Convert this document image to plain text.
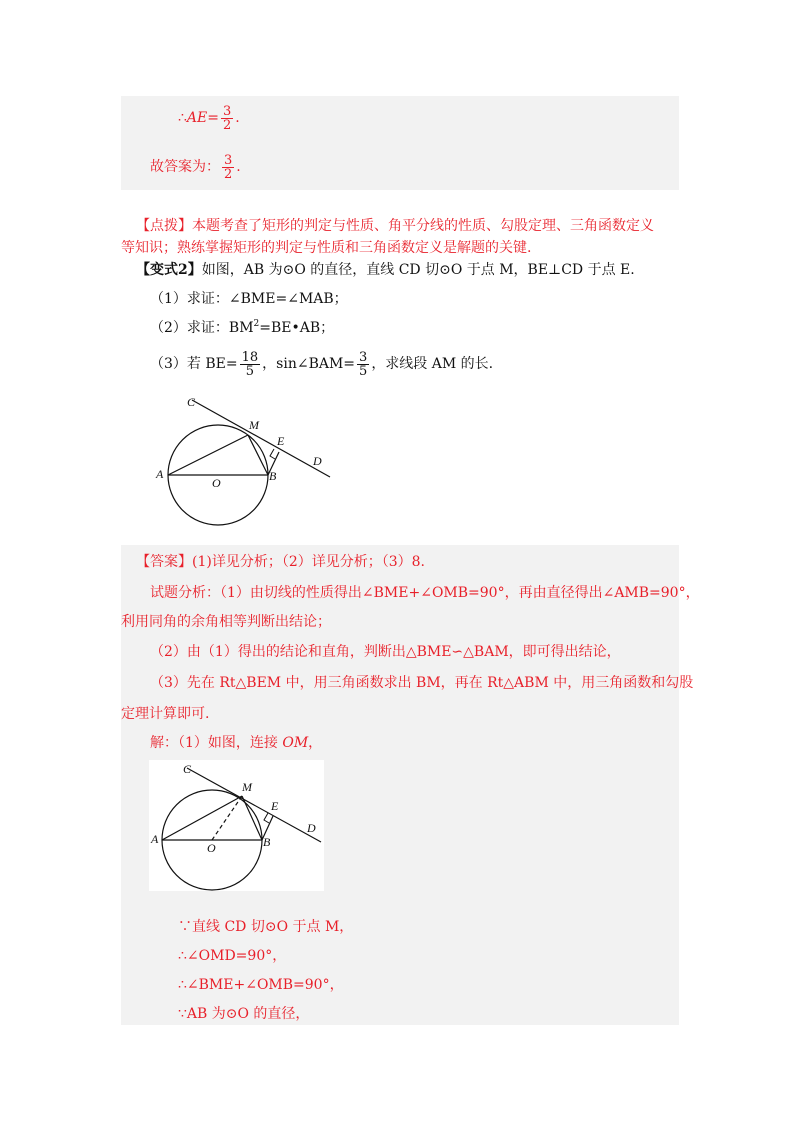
∴AE= $\frac{3}{2}$ .
故答案为： $\frac{3}{2}$ .
【点拨】本题考查了矩形的判定与性质、角平分线的性质、勾股定理、三角函数定义
等知识；熟练掌握矩形的判定与性质和三角函数定义是解题的关键.
【变式2】如图，AB 为⊙O 的直径，直线 CD 切⊙O 于点 M，BE⊥CD 于点 E.
（1）求证：∠BME=∠MAB；
（2）求证：$BM^2=BE•AB$；
（3）若 $BE= \frac{18}{5}$ ，sin∠BAM= $\frac{3}{5}$ ，求线段 AM 的长.
C
M
E
D
A
O	B
【答案】(1)详见分析；（2）详见分析；（3）8.
试题分析：（1）由切线的性质得出∠BME+∠OMB=90°，再由直径得出∠AMB=90°，
利用同角的余角相等判断出结论；
（2）由（1）得出的结论和直角，判断出△BME∽△BAM，即可得出结论，
（3）先在 Rt△BEM 中，用三角函数求出 BM，再在 Rt△ABM 中，用三角函数和勾股
定理计算即可.
解：（1）如图，连接 OM，
C
M
E
D
A
O	B
∵直线 CD 切⊙O 于点 M，
∴∠OMD=90°，
∴∠BME+∠OMB=90°，
∵AB 为⊙O 的直径，
